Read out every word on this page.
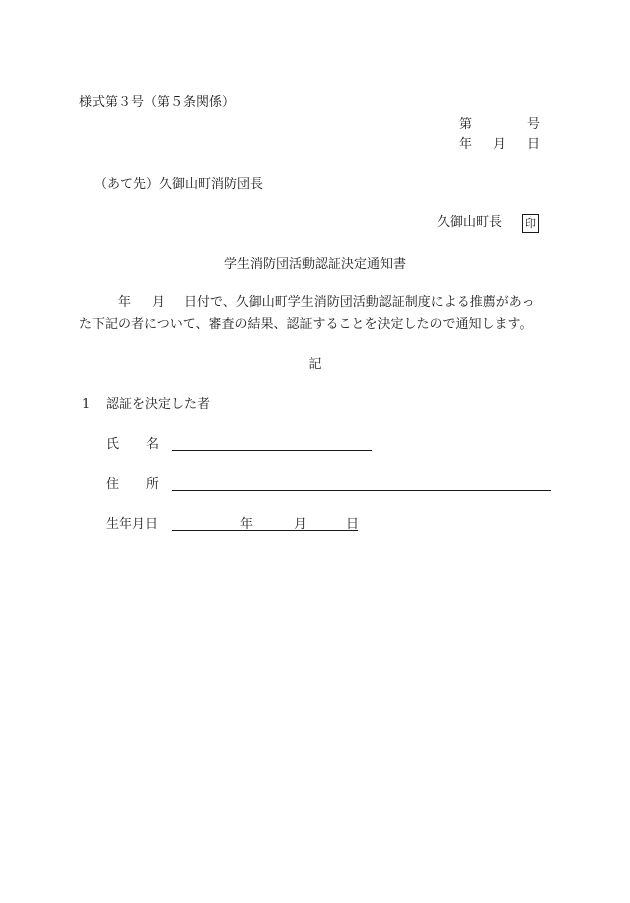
様式第３号（第５条関係）
第	号
年 月 日
（あて先）久御山町消防団長
久御山町長 印
学生消防団活動認証決定通知書
年 月 日付で、久御山町学生消防団活動認証制度による推薦があっ
た下記の者について、審査の結果、認証することを決定したので通知します。
記
1 認証を決定した者
氏 名
住 所
生年月日	年	月	日
